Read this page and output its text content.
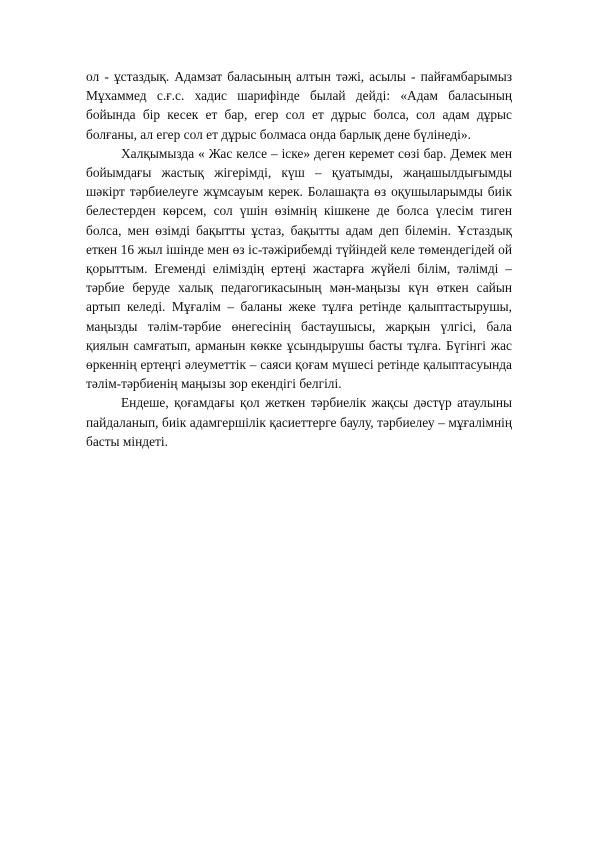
ол - ұстаздық. Адамзат баласының алтын тәжі, асылы - пайғамбарымыз Мұхаммед с.ғ.с. хадис шарифінде былай дейді: «Адам баласының бойында бір кесек ет бар, егер сол ет дұрыс болса, сол адам дұрыс болғаны, ал егер сол ет дұрыс болмаса онда барлық дене бүлінеді».

Халқымызда « Жас келсе – іске» деген керемет сөзі бар. Демек мен бойымдағы жастық жігерімді, күш – қуатымды, жаңашылдығымды шәкірт тәрбиелеуге жұмсауым керек. Болашақта өз оқушыларымды биік белестерден көрсем, сол үшін өзімнің кішкене де болса үлесім тиген болса, мен өзімді бақытты ұстаз, бақытты адам деп білемін. Ұстаздық еткен 16 жыл ішінде мен өз іс-тәжірибемді түйіндей келе төмендегідей ой қорыттым. Егеменді еліміздің ертеңі жастарға жүйелі білім, тәлімді – тәрбие беруде халық педагогикасының мән-маңызы күн өткен сайын артып келеді. Мұғалім – баланы жеке тұлға ретінде қалыптастырушы, маңызды тәлім-тәрбие өнегесінің бастаушысы, жарқын үлгісі, бала қиялын самғатып, арманын көкке ұсындырушы басты тұлға. Бүгінгі жас өркеннің ертеңгі әлеуметтік – саяси қоғам мүшесі ретінде қалыптасуында тәлім-тәрбиенің маңызы зор екендігі белгілі.

Ендеше, қоғамдағы қол жеткен тәрбиелік жақсы дәстүр атаулыны пайдаланып, биік адамгершілік қасиеттерге баулу, тәрбиелеу – мұғалімнің басты міндеті.
